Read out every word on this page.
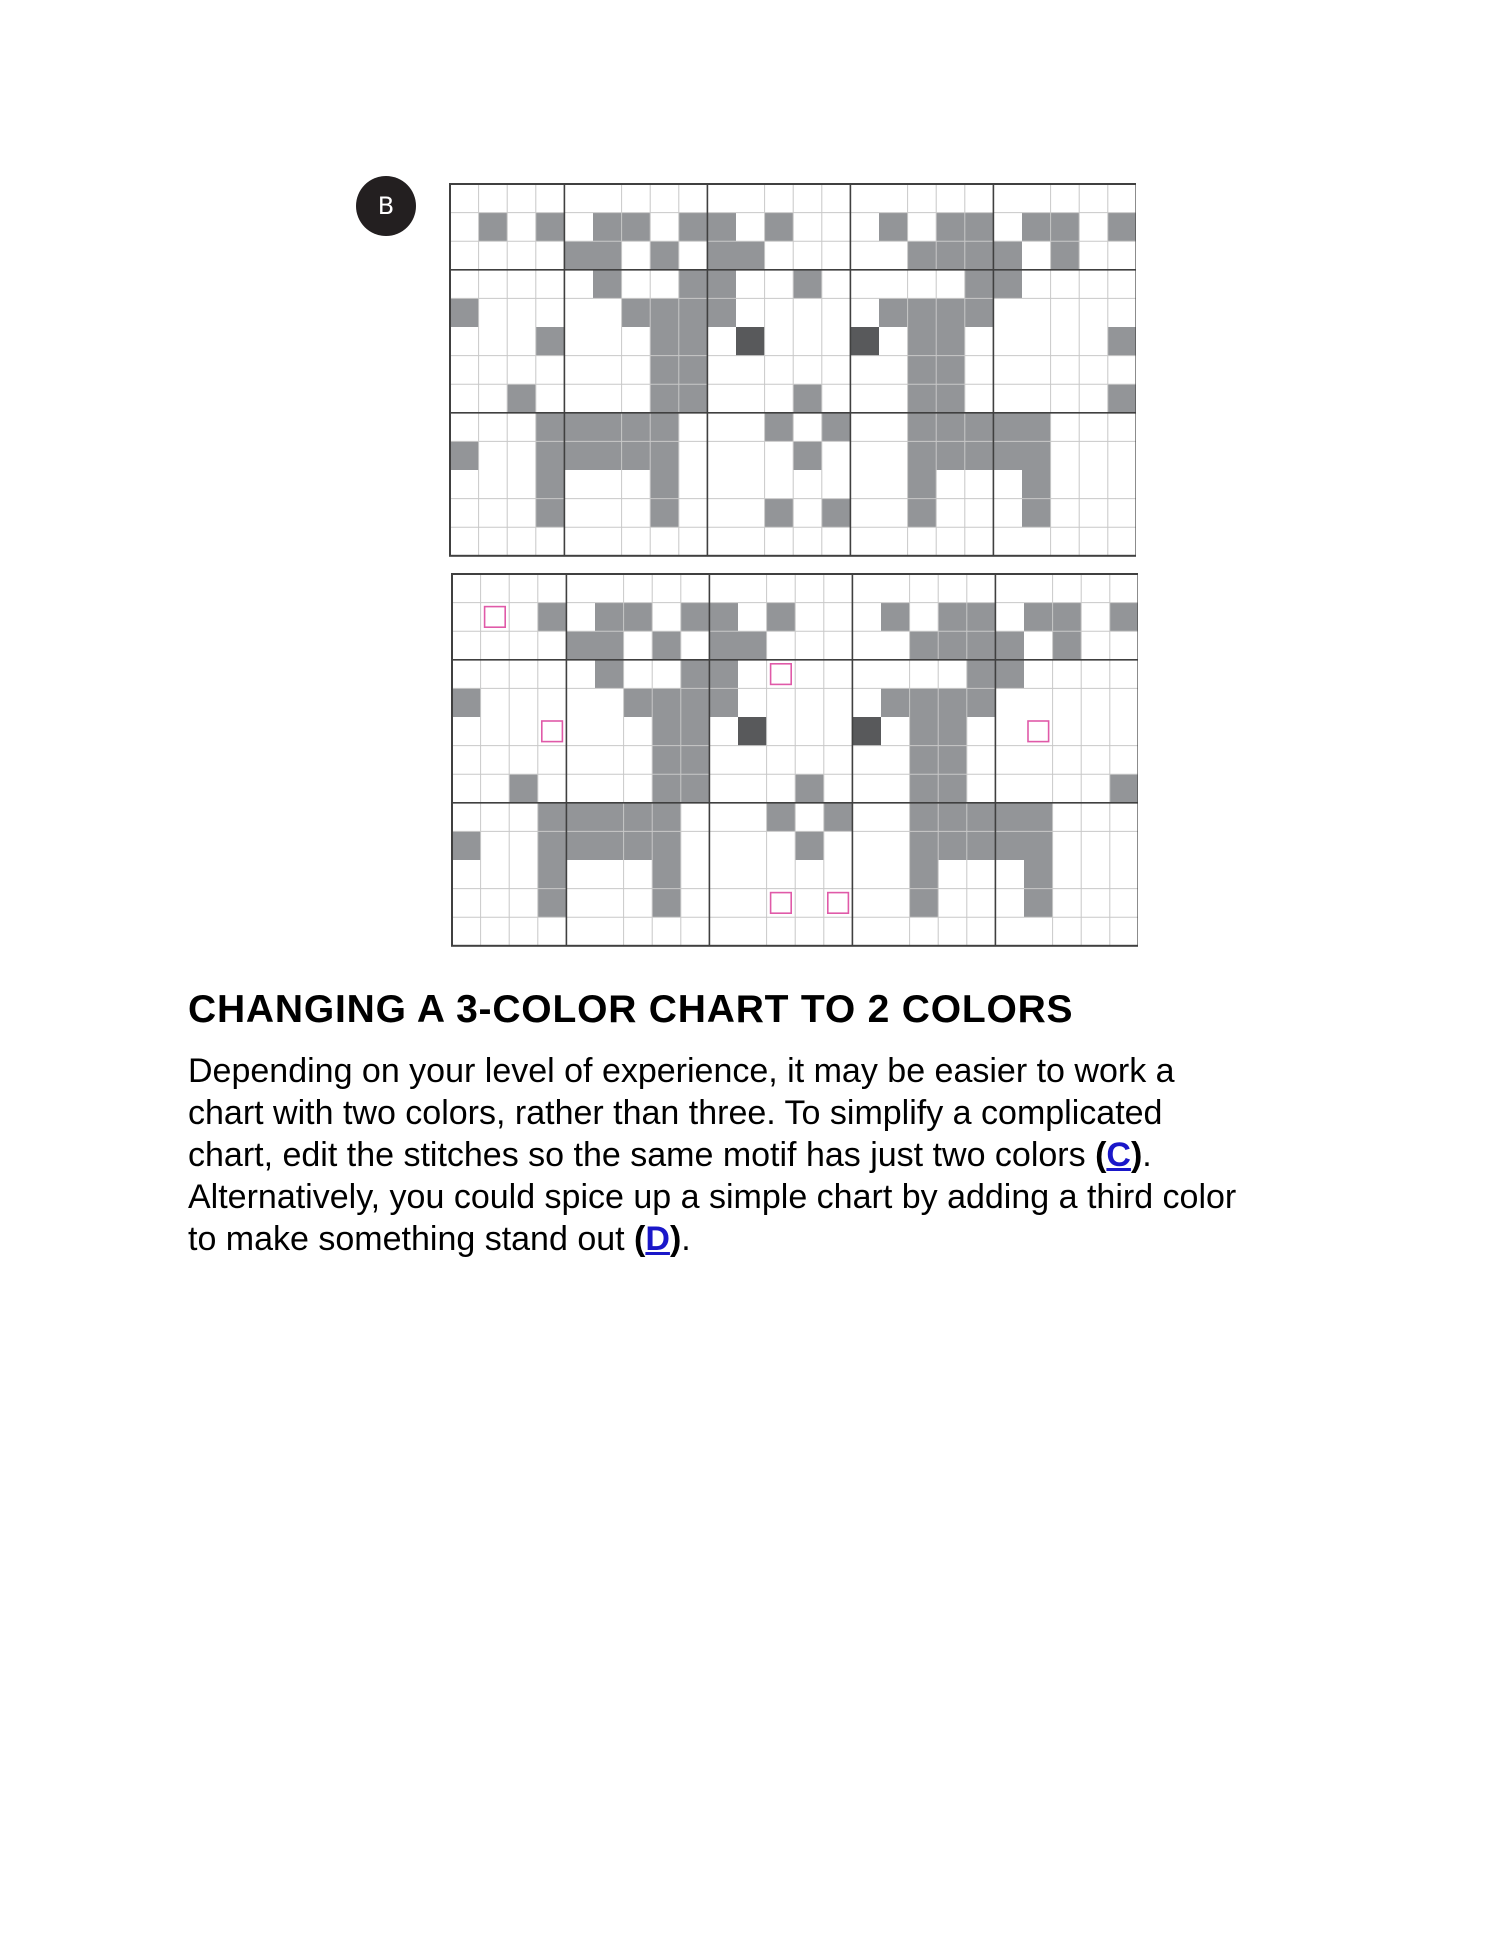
B
CHANGING A 3-COLOR CHART TO 2 COLORS

Depending on your level of experience, it may be easier to work a
chart with two colors, rather than three. To simplify a complicated
chart, edit the stitches so the same motif has just two colors (C).
Alternatively, you could spice up a simple chart by adding a third color
to make something stand out (D).
